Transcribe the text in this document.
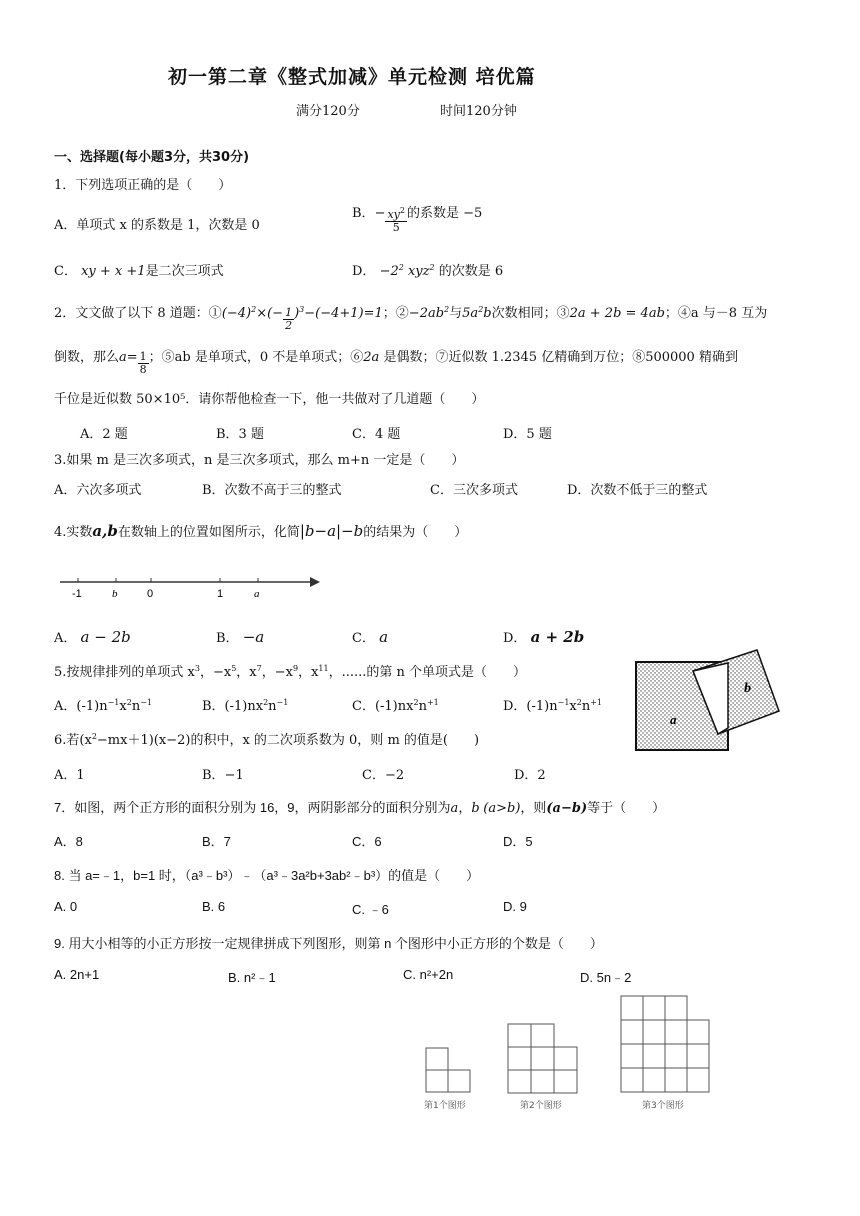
初一第二章《整式加减》单元检测 培优篇
满分120分	时间120分钟
一、选择题(每小题3分，共30分)
1．下列选项正确的是（　　）
A．单项式 x 的系数是 1，次数是 0
B．− $\frac{xy^2}{5}$ 的系数是 −5
C． xy + x +1是二次三项式	D． $-2^2$ xyz$^2$ 的次数是 6
2．文文做了以下 8 道题：$①(-4)^2\times(- \frac{1}{2} )^3-(-4+1)=1$；$②-2ab^2$与$5a^2b$次数相同；③2a + 2b = 4ab；④a 与－8 互为
倒数，那么$a= \frac{1}{8}$ ；⑤ab 是单项式，0 不是单项式；⑥2a 是偶数；⑦近似数 1.2345 亿精确到万位；⑧500000 精确到
千位是近似数 50×10⁵．请你帮他检查一下，他一共做对了几道题（　　）
A．2 题	B．3 题	C．4 题	D．5 题
3.如果 m 是三次多项式，n 是三次多项式，那么 m+n 一定是（　　）
A．六次多项式	B．次数不高于三的整式	C．三次多项式	D．次数不低于三的整式
4.实数a,b在数轴上的位置如图所示，化简|b−a|−b的结果为（　　）
-1	b	0	1	a
A． a − 2b	B． −a	C． a	D． a + 2b
5.按规律排列的单项式 $x^3$，$-x^5$，$x^7$，$-x^9$，$x^{11}$，......的第 n 个单项式是（　　）
A．$(-1)n^{-1}x^2n^{-1}$	B．$(-1)nx^2n^{-1}$	C．$(-1)nx^2n^{+1}$	D．$(-1)n^{-1}x^2n^{+1}$
a
b
6.若$(x^2-mx+1)(x-2)$的积中，x 的二次项系数为 0，则 m 的值是(　　)
A．1	B．−1	C．−2	D．2
7．如图，两个正方形的面积分别为 16，9，两阴影部分的面积分别为a，b (a>b)，则(a−b)等于（　　）
A．8	B．7	C．6	D．5
8. 当 a=﹣1，b=1 时，（a³﹣b³）﹣（a³﹣3a²b+3ab²﹣b³）的值是（　　）
A. 0	B. 6	C. ﹣6	D. 9
9. 用大小相等的小正方形按一定规律拼成下列图形，则第 n 个图形中小正方形的个数是（　　）
A. 2n+1	B. n²﹣1	C. n²+2n	D. 5n﹣2
第1个图形	第2个图形	第3个图形
